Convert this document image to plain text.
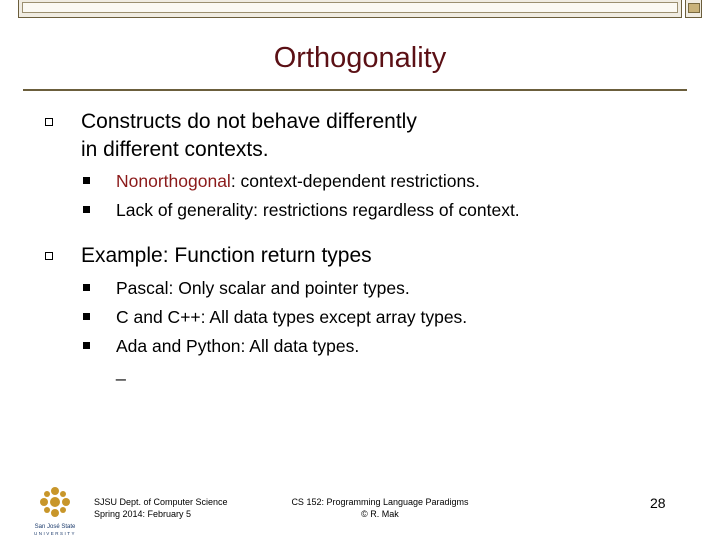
Orthogonality
Constructs do not behave differently
in different contexts.
Nonorthogonal: context-dependent restrictions.
Lack of generality: restrictions regardless of context.
Example: Function return types
Pascal: Only scalar and pointer types.
C and C++: All data types except array types.
Ada and Python: All data types.
_
San José State
UNIVERSITY
SJSU Dept. of Computer Science
Spring 2014: February 5
CS 152: Programming Language Paradigms
© R. Mak
28
